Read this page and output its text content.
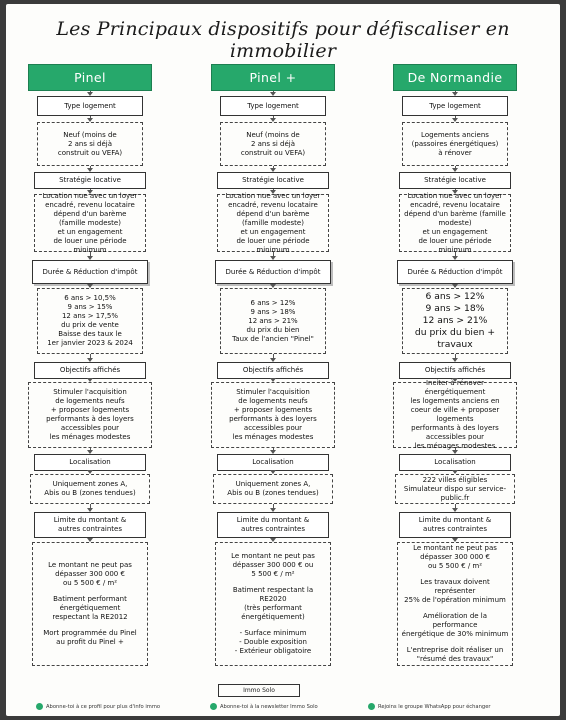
Les Principaux dispositifs pour défiscaliser en immobilier
Pinel
Type logement
Neuf (moins de
2 ans si déjà
construit ou VEFA)
Stratégie locative
Location nue avec un loyer
encadré, revenu locataire
dépend d'un barème
(famille modeste)
et un engagement
de louer une période minimum
Durée & Réduction d'impôt
6 ans > 10,5%
9 ans > 15%
12 ans > 17,5%
du prix de vente
Baisse des taux le
1er janvier 2023 & 2024
Objectifs affichés
Stimuler l'acquisition
de logements neufs
+ proposer logements
performants à des loyers
accessibles pour
les ménages modestes
Localisation
Uniquement zones A,
Abis ou B (zones tendues)
Limite du montant &
autres contraintes
Le montant ne peut pas
dépasser 300 000 €
ou 5 500 € / m²
Batiment performant
énergétiquement
respectant la RE2012
Mort programmée du Pinel
au profit du Pinel +
Pinel +
Type logement
Neuf (moins de
2 ans si déjà
construit ou VEFA)
Stratégie locative
Location nue avec un loyer
encadré, revenu locataire
dépend d'un barème
(famille modeste)
et un engagement
de louer une période minimum
Durée & Réduction d'impôt
6 ans > 12%
9 ans > 18%
12 ans > 21%
du prix du bien
Taux de l'ancien "Pinel"
Objectifs affichés
Stimuler l'acquisition
de logements neufs
+ proposer logements
performants à des loyers
accessibles pour
les ménages modestes
Localisation
Uniquement zones A,
Abis ou B (zones tendues)
Limite du montant &
autres contraintes
Le montant ne peut pas
dépasser 300 000 € ou
5 500 € / m²
Batiment respectant la
RE2020
(très performant
énergétiquement)
- Surface minimum
- Double exposition
- Extérieur obligatoire
De Normandie
Type logement
Logements anciens
(passoires énergétiques)
à rénover
Stratégie locative
Location nue avec un loyer
encadré, revenu locataire
dépend d'un barème (famille modeste)
et un engagement
de louer une période minimum
Durée & Réduction d'impôt
6 ans > 12%
9 ans > 18%
12 ans > 21%
du prix du bien + travaux
Objectifs affichés
Inciter à rénover énergétiquement
les logements anciens en
coeur de ville + proposer logements
performants à des loyers
accessibles pour
les ménages modestes
Localisation
222 villes éligibles
Simulateur dispo sur service-public.fr
Limite du montant &
autres contraintes
Le montant ne peut pas
dépasser 300 000 €
ou 5 500 € / m²
Les travaux doivent représenter
25% de l'opération minimum
Amélioration de la performance
énergétique de 30% minimum
L'entreprise doit réaliser un
"résumé des travaux"
Immo Solo
Abonne-toi à ce profil pour plus d'info immo	Abonne-toi à la newsletter Immo Solo	Rejoins le groupe WhatsApp pour échanger
